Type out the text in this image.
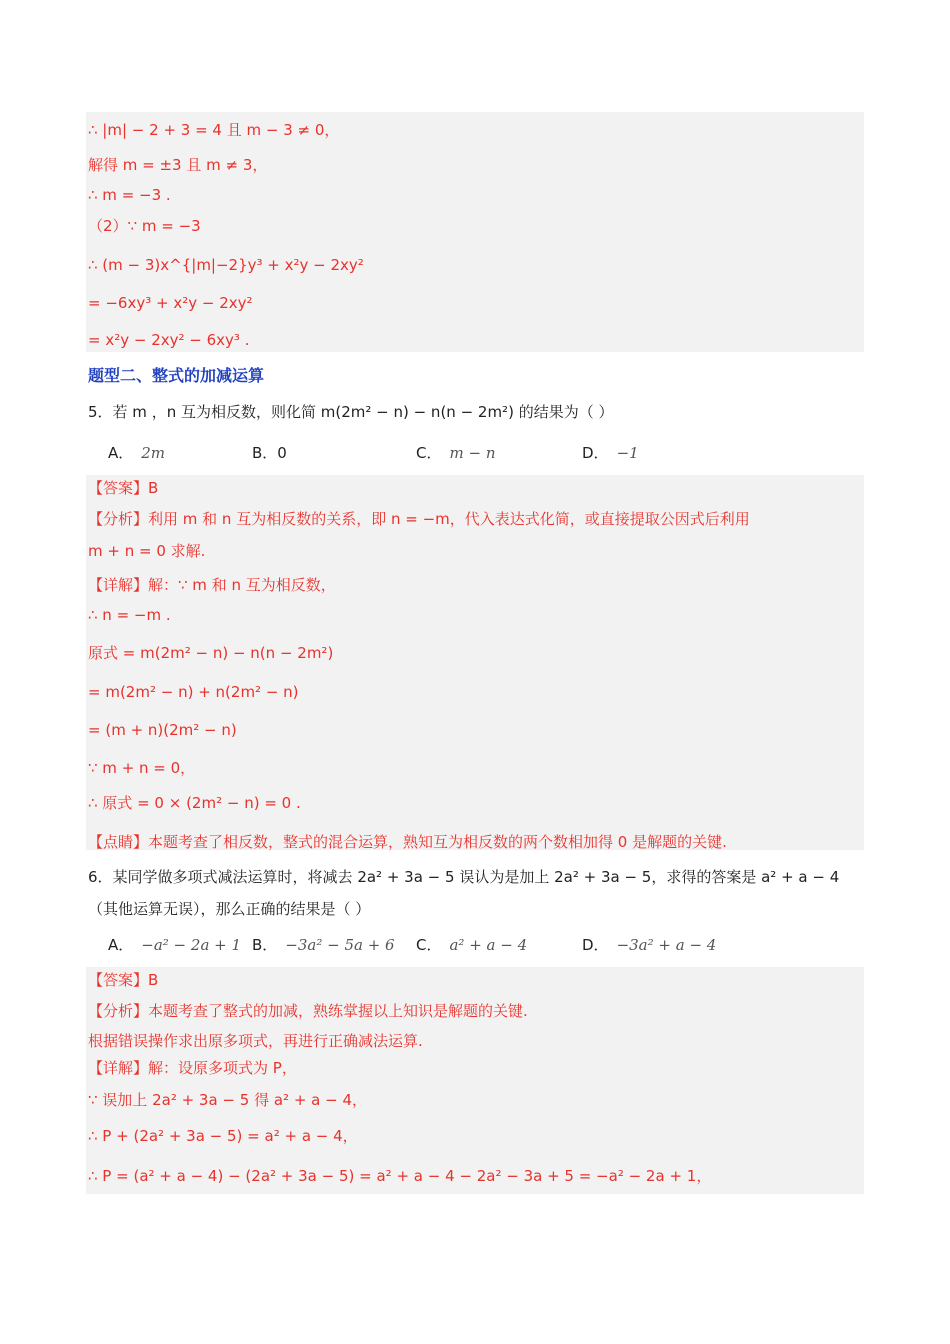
∴ |m| − 2 + 3 = 4 且 m − 3 ≠ 0，
解得 m = ±3 且 m ≠ 3，
∴ m = −3 .
（2）∵ m = −3
∴ (m − 3)x^{|m|−2}y³ + x²y − 2xy²
= −6xy³ + x²y − 2xy²
= x²y − 2xy² − 6xy³ .
题型二、整式的加减运算
5．若 m ，n 互为相反数，则化简 m(2m² − n) − n(n − 2m²) 的结果为（ ）
A． 2m	B．0	C． m − n	D． −1
【答案】B
【分析】利用 m 和 n 互为相反数的关系，即 n = −m，代入表达式化简，或直接提取公因式后利用
m + n = 0 求解.
【详解】解：∵ m 和 n 互为相反数，
∴ n = −m .
原式 = m(2m² − n) − n(n − 2m²)
= m(2m² − n) + n(2m² − n)
= (m + n)(2m² − n)
∵ m + n = 0，
∴ 原式 = 0 × (2m² − n) = 0 .
【点睛】本题考查了相反数，整式的混合运算，熟知互为相反数的两个数相加得 0 是解题的关键.
6．某同学做多项式减法运算时，将减去 2a² + 3a − 5 误认为是加上 2a² + 3a − 5，求得的答案是 a² + a − 4
（其他运算无误），那么正确的结果是（ ）
A． −a² − 2a + 1 B． −3a² − 5a + 6 C． a² + a − 4	D． −3a² + a − 4
【答案】B
【分析】本题考查了整式的加减，熟练掌握以上知识是解题的关键.
根据错误操作求出原多项式，再进行正确减法运算.
【详解】解：设原多项式为 P，
∵ 误加上 2a² + 3a − 5 得 a² + a − 4，
∴ P + (2a² + 3a − 5) = a² + a − 4，
∴ P = (a² + a − 4) − (2a² + 3a − 5) = a² + a − 4 − 2a² − 3a + 5 = −a² − 2a + 1，
